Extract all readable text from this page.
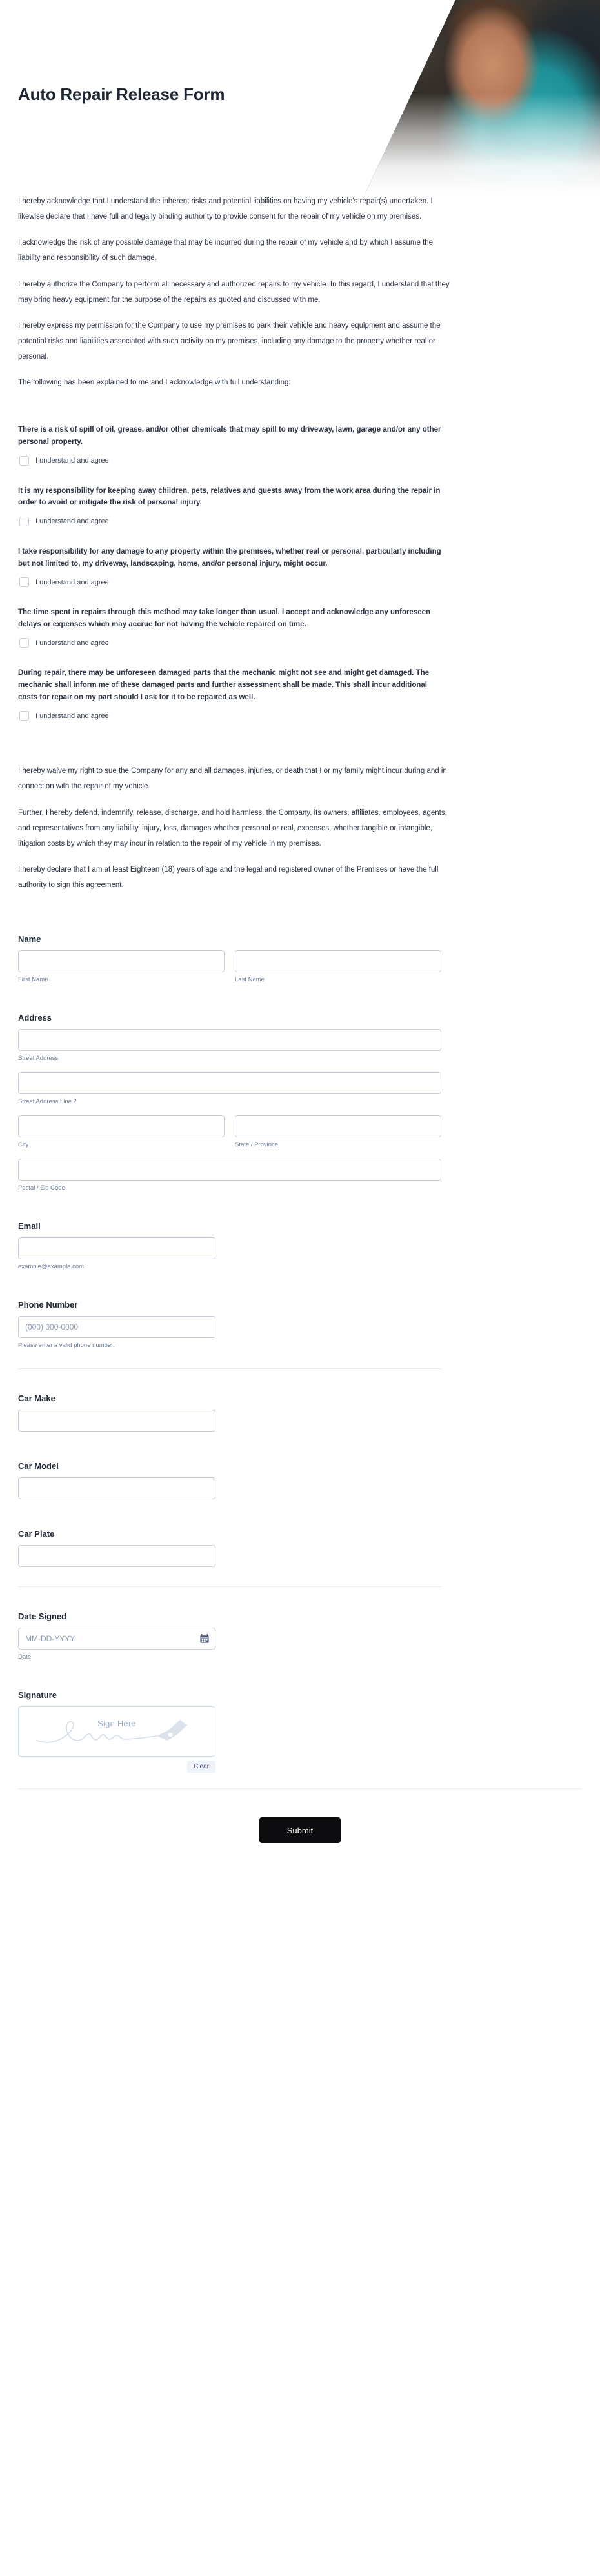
Auto Repair Release Form

I hereby acknowledge that I understand the inherent risks and potential liabilities on having my vehicle's repair(s) undertaken. I likewise declare that I have full and legally binding authority to provide consent for the repair of my vehicle on my premises.

I acknowledge the risk of any possible damage that may be incurred during the repair of my vehicle and by which I assume the liability and responsibility of such damage.

I hereby authorize the Company to perform all necessary and authorized repairs to my vehicle. In this regard, I understand that they may bring heavy equipment for the purpose of the repairs as quoted and discussed with me.

I hereby express my permission for the Company to use my premises to park their vehicle and heavy equipment and assume the potential risks and liabilities associated with such activity on my premises, including any damage to the property whether real or personal.

The following has been explained to me and I acknowledge with full understanding:

There is a risk of spill of oil, grease, and/or other chemicals that may spill to my driveway, lawn, garage and/or any other personal property.

I understand and agree

It is my responsibility for keeping away children, pets, relatives and guests away from the work area during the repair in order to avoid or mitigate the risk of personal injury.

I understand and agree

I take responsibility for any damage to any property within the premises, whether real or personal, particularly including but not limited to, my driveway, landscaping, home, and/or personal injury, might occur.

I understand and agree

The time spent in repairs through this method may take longer than usual. I accept and acknowledge any unforeseen delays or expenses which may accrue for not having the vehicle repaired on time.

I understand and agree

During repair, there may be unforeseen damaged parts that the mechanic might not see and might get damaged. The mechanic shall inform me of these damaged parts and further assessment shall be made. This shall incur additional costs for repair on my part should I ask for it to be repaired as well.

I understand and agree

I hereby waive my right to sue the Company for any and all damages, injuries, or death that I or my family might incur during and in connection with the repair of my vehicle.

Further, I hereby defend, indemnify, release, discharge, and hold harmless, the Company, its owners, affiliates, employees, agents, and representatives from any liability, injury, loss, damages whether personal or real, expenses, whether tangible or intangible, litigation costs by which they may incur in relation to the repair of my vehicle in my premises.

I hereby declare that I am at least Eighteen (18) years of age and the legal and registered owner of the Premises or have the full authority to sign this agreement.

Name
First Name	Last Name
Address
Street Address
Street Address Line 2
City	State / Province
Postal / Zip Code
Email
example@example.com
Phone Number
(000) 000-0000
Please enter a valid phone number.
Car Make
Car Model
Car Plate
Date Signed
MM-DD-YYYY
Date
Signature
Sign Here
Clear
Submit
